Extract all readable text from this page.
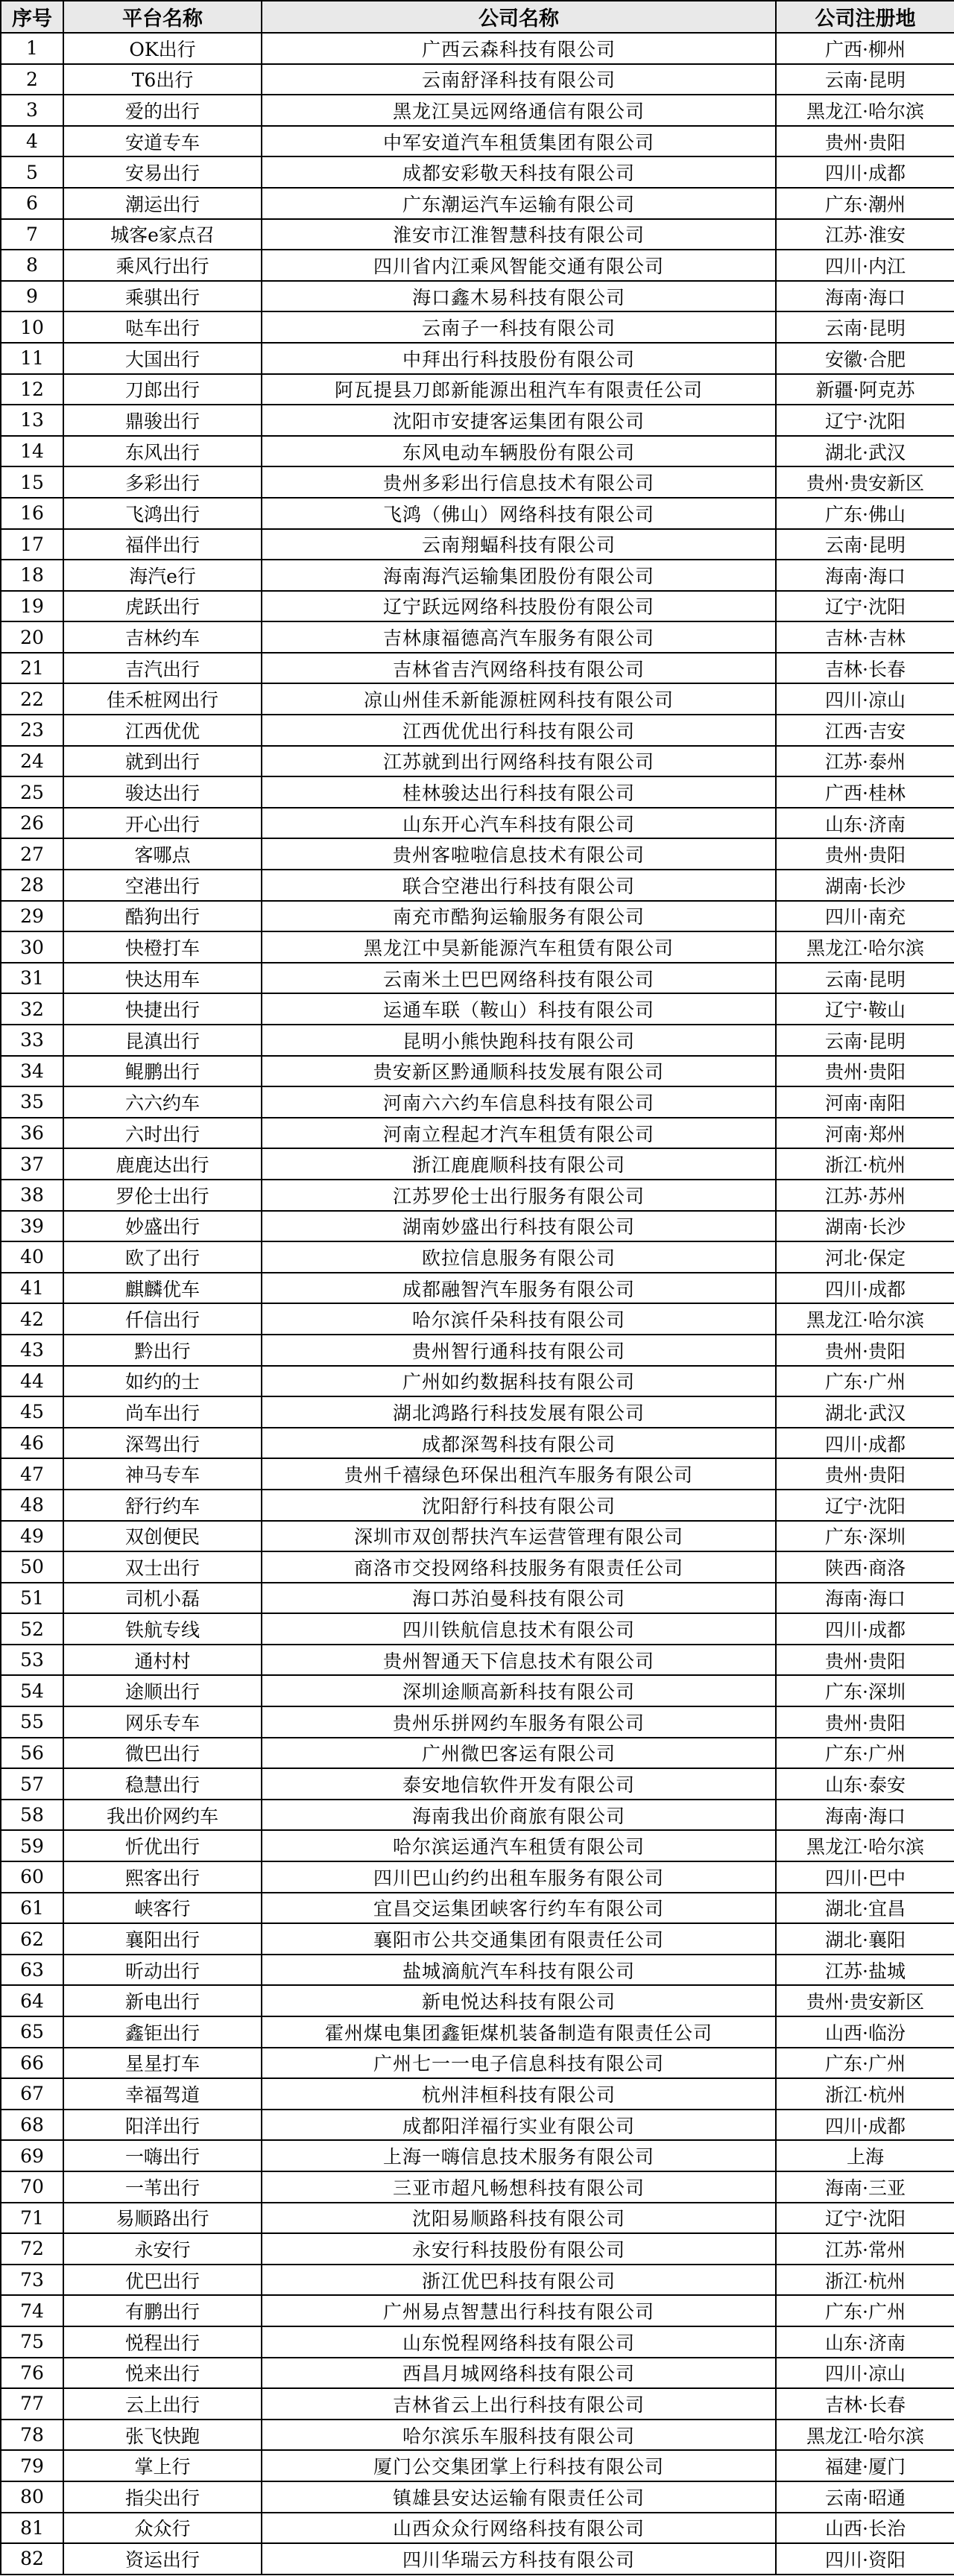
序号	平台名称	公司名称	公司注册地
1	OK出行	广西云森科技有限公司	广西·柳州
2	T6出行	云南舒泽科技有限公司	云南·昆明
3	爱的出行	黑龙江昊远网络通信有限公司	黑龙江·哈尔滨
4	安道专车	中军安道汽车租赁集团有限公司	贵州·贵阳
5	安易出行	成都安彩敬天科技有限公司	四川·成都
6	潮运出行	广东潮运汽车运输有限公司	广东·潮州
7	城客e家点召	淮安市江淮智慧科技有限公司	江苏·淮安
8	乘风行出行	四川省内江乘风智能交通有限公司	四川·内江
9	乘骐出行	海口鑫木易科技有限公司	海南·海口
10	哒车出行	云南子一科技有限公司	云南·昆明
11	大国出行	中拜出行科技股份有限公司	安徽·合肥
12	刀郎出行	阿瓦提县刀郎新能源出租汽车有限责任公司	新疆·阿克苏
13	鼎骏出行	沈阳市安捷客运集团有限公司	辽宁·沈阳
14	东风出行	东风电动车辆股份有限公司	湖北·武汉
15	多彩出行	贵州多彩出行信息技术有限公司	贵州·贵安新区
16	飞鸿出行	飞鸿（佛山）网络科技有限公司	广东·佛山
17	福伴出行	云南翔蝠科技有限公司	云南·昆明
18	海汽e行	海南海汽运输集团股份有限公司	海南·海口
19	虎跃出行	辽宁跃远网络科技股份有限公司	辽宁·沈阳
20	吉林约车	吉林康福德高汽车服务有限公司	吉林·吉林
21	吉汽出行	吉林省吉汽网络科技有限公司	吉林·长春
22	佳禾桩网出行	凉山州佳禾新能源桩网科技有限公司	四川·凉山
23	江西优优	江西优优出行科技有限公司	江西·吉安
24	就到出行	江苏就到出行网络科技有限公司	江苏·泰州
25	骏达出行	桂林骏达出行科技有限公司	广西·桂林
26	开心出行	山东开心汽车科技有限公司	山东·济南
27	客哪点	贵州客啦啦信息技术有限公司	贵州·贵阳
28	空港出行	联合空港出行科技有限公司	湖南·长沙
29	酷狗出行	南充市酷狗运输服务有限公司	四川·南充
30	快橙打车	黑龙江中昊新能源汽车租赁有限公司	黑龙江·哈尔滨
31	快达用车	云南米土巴巴网络科技有限公司	云南·昆明
32	快捷出行	运通车联（鞍山）科技有限公司	辽宁·鞍山
33	昆滇出行	昆明小熊快跑科技有限公司	云南·昆明
34	鲲鹏出行	贵安新区黔通顺科技发展有限公司	贵州·贵阳
35	六六约车	河南六六约车信息科技有限公司	河南·南阳
36	六时出行	河南立程起才汽车租赁有限公司	河南·郑州
37	鹿鹿达出行	浙江鹿鹿顺科技有限公司	浙江·杭州
38	罗伦士出行	江苏罗伦士出行服务有限公司	江苏·苏州
39	妙盛出行	湖南妙盛出行科技有限公司	湖南·长沙
40	欧了出行	欧拉信息服务有限公司	河北·保定
41	麒麟优车	成都融智汽车服务有限公司	四川·成都
42	仟信出行	哈尔滨仟朵科技有限公司	黑龙江·哈尔滨
43	黔出行	贵州智行通科技有限公司	贵州·贵阳
44	如约的士	广州如约数据科技有限公司	广东·广州
45	尚车出行	湖北鸿路行科技发展有限公司	湖北·武汉
46	深驾出行	成都深驾科技有限公司	四川·成都
47	神马专车	贵州千禧绿色环保出租汽车服务有限公司	贵州·贵阳
48	舒行约车	沈阳舒行科技有限公司	辽宁·沈阳
49	双创便民	深圳市双创帮扶汽车运营管理有限公司	广东·深圳
50	双士出行	商洛市交投网络科技服务有限责任公司	陕西·商洛
51	司机小磊	海口苏泊曼科技有限公司	海南·海口
52	铁航专线	四川铁航信息技术有限公司	四川·成都
53	通村村	贵州智通天下信息技术有限公司	贵州·贵阳
54	途顺出行	深圳途顺高新科技有限公司	广东·深圳
55	网乐专车	贵州乐拼网约车服务有限公司	贵州·贵阳
56	微巴出行	广州微巴客运有限公司	广东·广州
57	稳慧出行	泰安地信软件开发有限公司	山东·泰安
58	我出价网约车	海南我出价商旅有限公司	海南·海口
59	忻优出行	哈尔滨运通汽车租赁有限公司	黑龙江·哈尔滨
60	熙客出行	四川巴山约约出租车服务有限公司	四川·巴中
61	峡客行	宜昌交运集团峡客行约车有限公司	湖北·宜昌
62	襄阳出行	襄阳市公共交通集团有限责任公司	湖北·襄阳
63	昕动出行	盐城滴航汽车科技有限公司	江苏·盐城
64	新电出行	新电悦达科技有限公司	贵州·贵安新区
65	鑫钜出行	霍州煤电集团鑫钜煤机装备制造有限责任公司	山西·临汾
66	星星打车	广州七一一电子信息科技有限公司	广东·广州
67	幸福驾道	杭州沣桓科技有限公司	浙江·杭州
68	阳洋出行	成都阳洋福行实业有限公司	四川·成都
69	一嗨出行	上海一嗨信息技术服务有限公司	上海
70	一苇出行	三亚市超凡畅想科技有限公司	海南·三亚
71	易顺路出行	沈阳易顺路科技有限公司	辽宁·沈阳
72	永安行	永安行科技股份有限公司	江苏·常州
73	优巴出行	浙江优巴科技有限公司	浙江·杭州
74	有鹏出行	广州易点智慧出行科技有限公司	广东·广州
75	悦程出行	山东悦程网络科技有限公司	山东·济南
76	悦来出行	西昌月城网络科技有限公司	四川·凉山
77	云上出行	吉林省云上出行科技有限公司	吉林·长春
78	张飞快跑	哈尔滨乐车服科技有限公司	黑龙江·哈尔滨
79	掌上行	厦门公交集团掌上行科技有限公司	福建·厦门
80	指尖出行	镇雄县安达运输有限责任公司	云南·昭通
81	众众行	山西众众行网络科技有限公司	山西·长治
82	资运出行	四川华瑞云方科技有限公司	四川·资阳
